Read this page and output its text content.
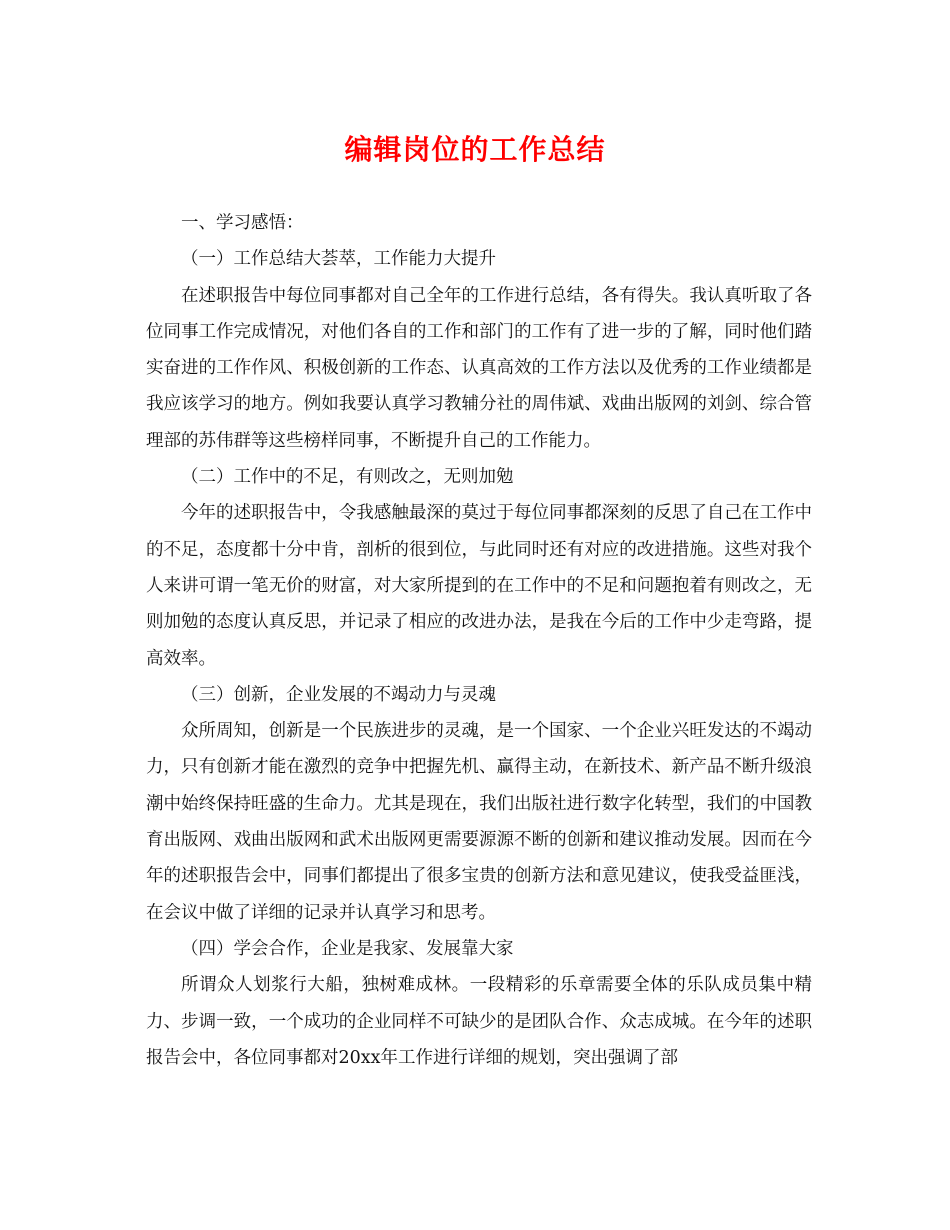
编辑岗位的工作总结

一、学习感悟：

（一）工作总结大荟萃，工作能力大提升

在述职报告中每位同事都对自己全年的工作进行总结，各有得失。我认真听取了各位同事工作完成情况，对他们各自的工作和部门的工作有了进一步的了解，同时他们踏实奋进的工作作风、积极创新的工作态、认真高效的工作方法以及优秀的工作业绩都是我应该学习的地方。例如我要认真学习教辅分社的周伟斌、戏曲出版网的刘剑、综合管理部的苏伟群等这些榜样同事，不断提升自己的工作能力。

（二）工作中的不足，有则改之，无则加勉

今年的述职报告中，令我感触最深的莫过于每位同事都深刻的反思了自己在工作中的不足，态度都十分中肯，剖析的很到位，与此同时还有对应的改进措施。这些对我个人来讲可谓一笔无价的财富，对大家所提到的在工作中的不足和问题抱着有则改之，无则加勉的态度认真反思，并记录了相应的改进办法，是我在今后的工作中少走弯路，提高效率。

（三）创新，企业发展的不竭动力与灵魂

众所周知，创新是一个民族进步的灵魂，是一个国家、一个企业兴旺发达的不竭动力，只有创新才能在激烈的竞争中把握先机、赢得主动，在新技术、新产品不断升级浪潮中始终保持旺盛的生命力。尤其是现在，我们出版社进行数字化转型，我们的中国教育出版网、戏曲出版网和武术出版网更需要源源不断的创新和建议推动发展。因而在今年的述职报告会中，同事们都提出了很多宝贵的创新方法和意见建议，使我受益匪浅，在会议中做了详细的记录并认真学习和思考。

（四）学会合作，企业是我家、发展靠大家

所谓众人划浆行大船，独树难成林。一段精彩的乐章需要全体的乐队成员集中精力、步调一致，一个成功的企业同样不可缺少的是团队合作、众志成城。在今年的述职报告会中，各位同事都对20xx年工作进行详细的规划，突出强调了部
